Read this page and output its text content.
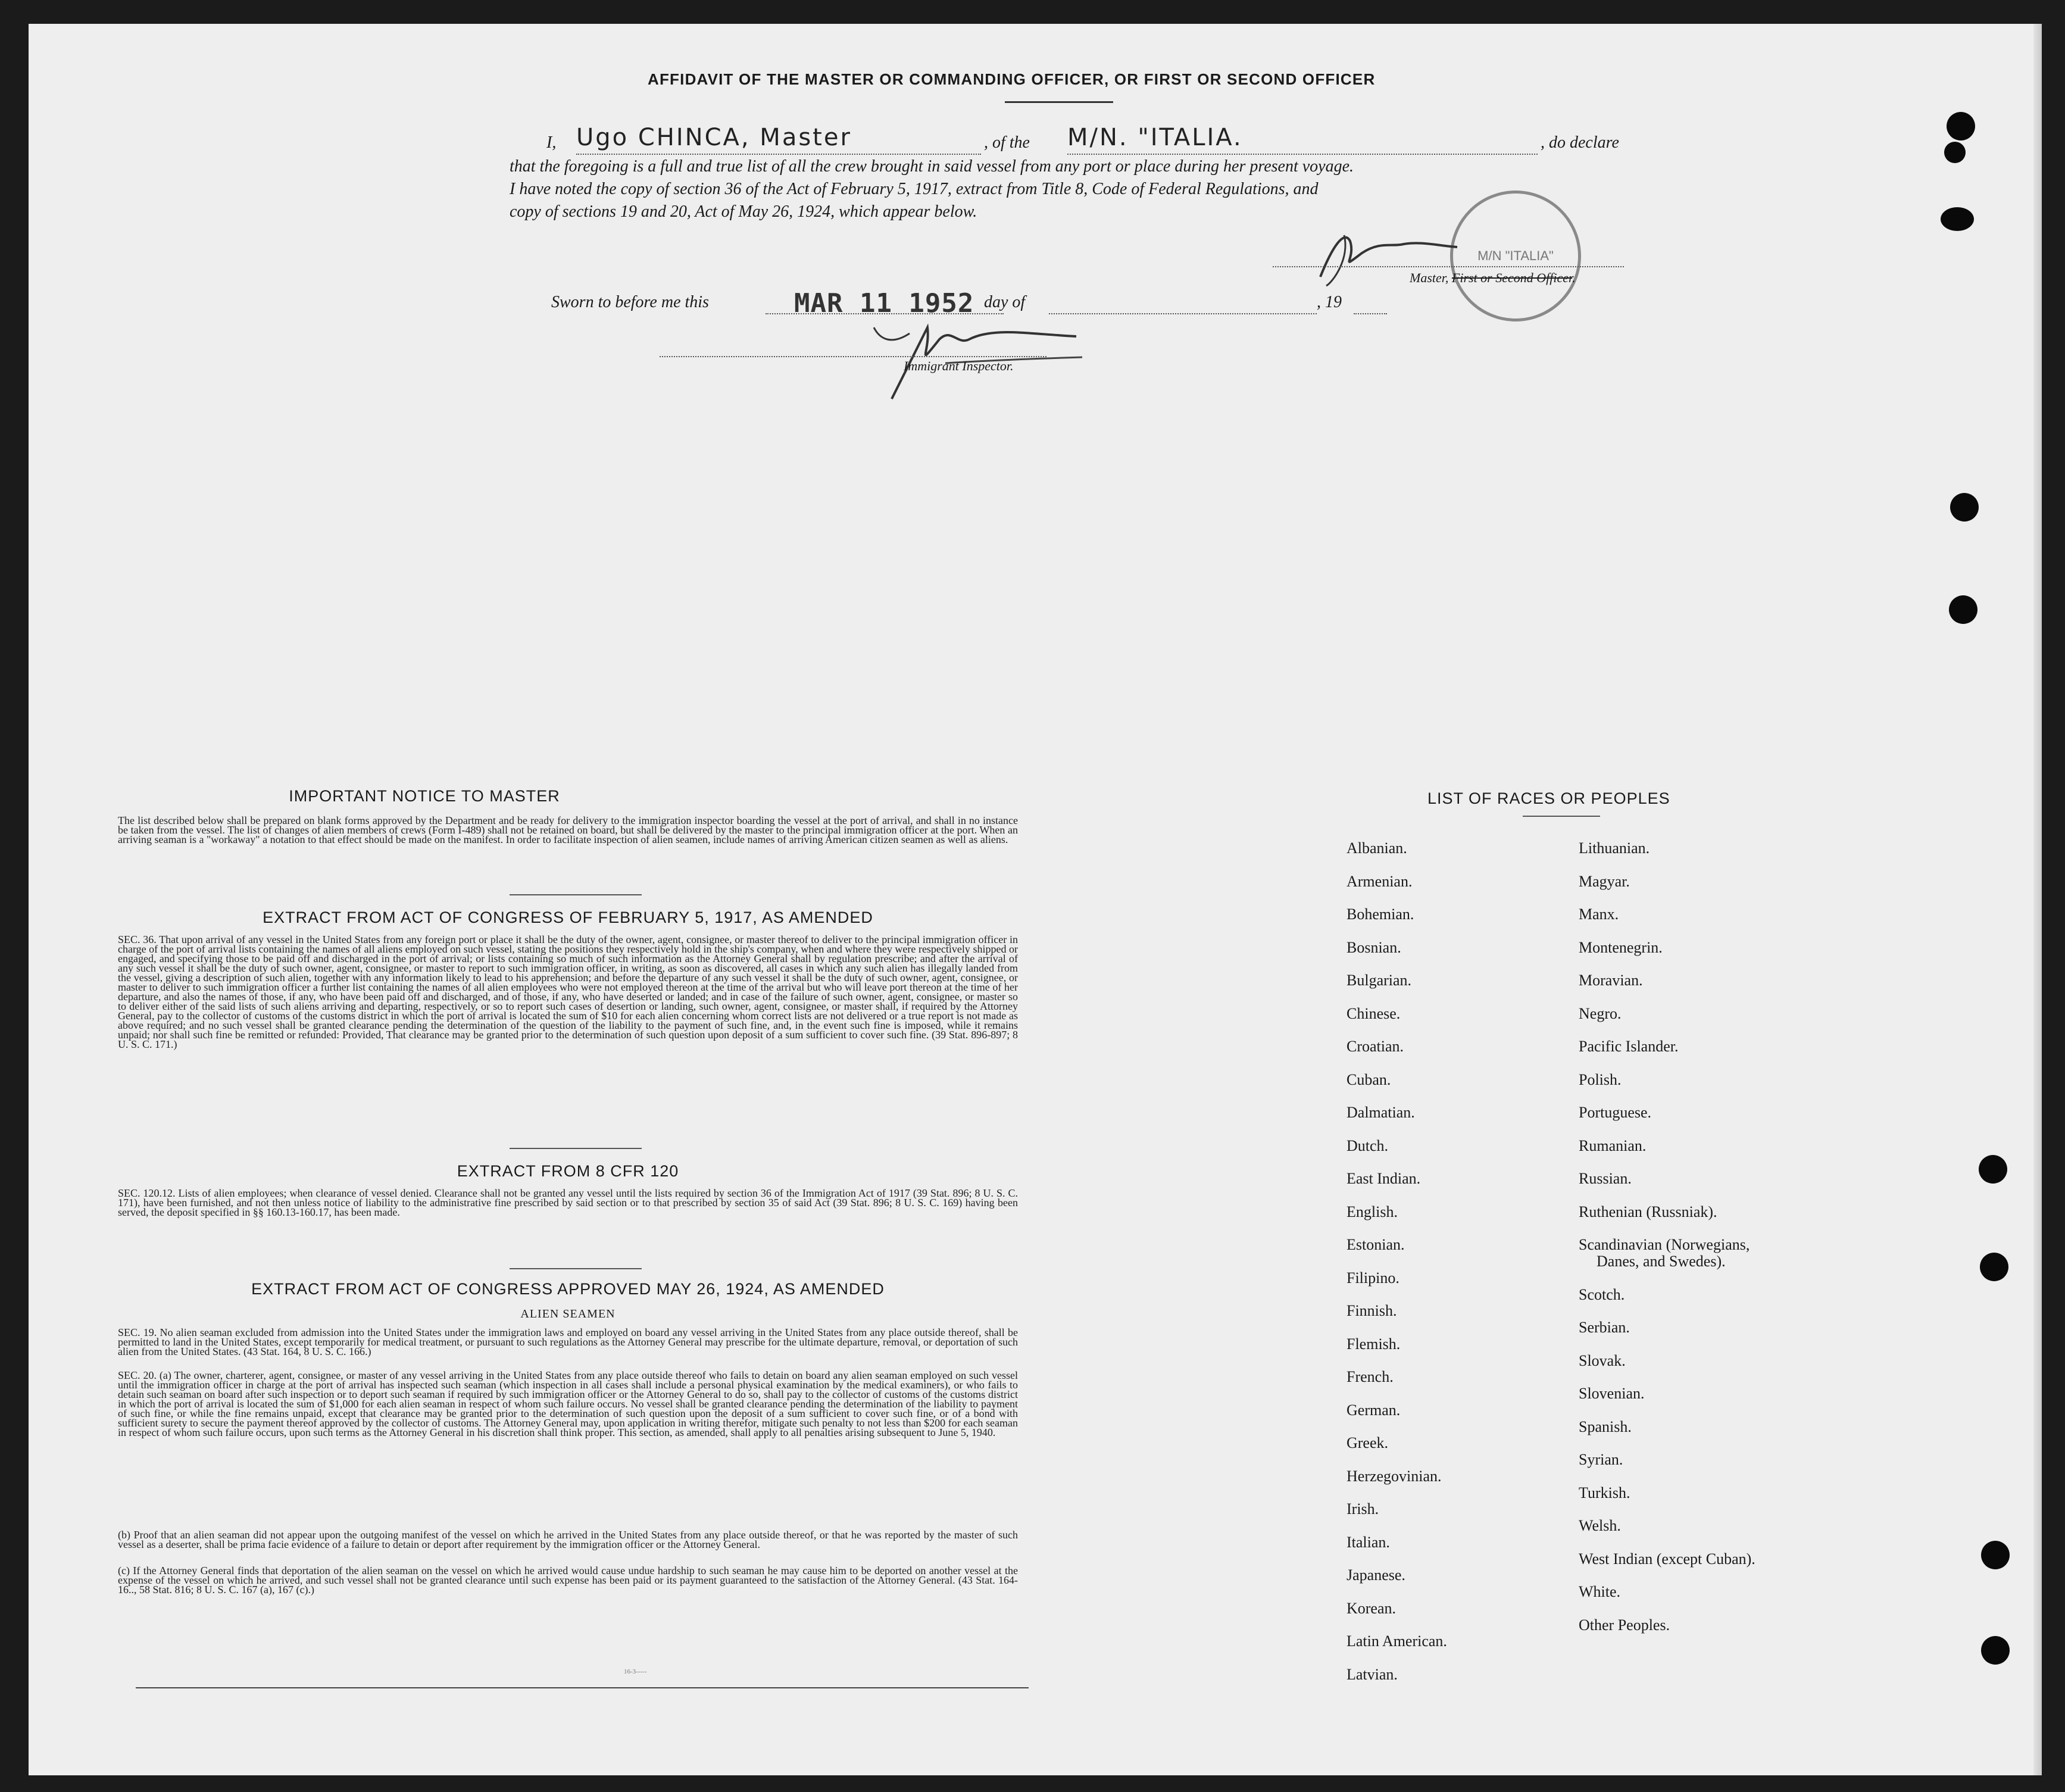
AFFIDAVIT OF THE MASTER OR COMMANDING OFFICER, OR FIRST OR SECOND OFFICER
I, Ugo CHINCA, Master	, of the M/N. "ITALIA.	, do declare
that the foregoing is a full and true list of all the crew brought in said vessel from any port or place during her present voyage.
I have noted the copy of section 36 of the Act of February 5, 1917, extract from Title 8, Code of Federal Regulations, and
copy of sections 19 and 20, Act of May 26, 1924, which appear below.
M/N "ITALIA"
Master, First or Second Officer.
Sworn to before me this	MAR 11 1952 day of	, 19
Immigrant Inspector.
IMPORTANT NOTICE TO MASTER
The list described below shall be prepared on blank forms approved by the Department and be ready for delivery to the immigration inspector boarding the vessel at the port of arrival, and shall in no instance be taken from the vessel. The list of changes of alien members of crews (Form I-489) shall not be retained on board, but shall be delivered by the master to the principal immigration officer at the port. When an arriving seaman is a "workaway" a notation to that effect should be made on the manifest. In order to facilitate inspection of alien seamen, include names of arriving American citizen seamen as well as aliens.
EXTRACT FROM ACT OF CONGRESS OF FEBRUARY 5, 1917, AS AMENDED
SEC. 36. That upon arrival of any vessel in the United States from any foreign port or place it shall be the duty of the owner, agent, consignee, or master thereof to deliver to the principal immigration officer in charge of the port of arrival lists containing the names of all aliens employed on such vessel, stating the positions they respectively hold in the ship's company, when and where they were respectively shipped or engaged, and specifying those to be paid off and discharged in the port of arrival; or lists containing so much of such information as the Attorney General shall by regulation prescribe; and after the arrival of any such vessel it shall be the duty of such owner, agent, consignee, or master to report to such immigration officer, in writing, as soon as discovered, all cases in which any such alien has illegally landed from the vessel, giving a description of such alien, together with any information likely to lead to his apprehension; and before the departure of any such vessel it shall be the duty of such owner, agent, consignee, or master to deliver to such immigration officer a further list containing the names of all alien employees who were not employed thereon at the time of the arrival but who will leave port thereon at the time of her departure, and also the names of those, if any, who have been paid off and discharged, and of those, if any, who have deserted or landed; and in case of the failure of such owner, agent, consignee, or master so to deliver either of the said lists of such aliens arriving and departing, respectively, or so to report such cases of desertion or landing, such owner, agent, consignee, or master shall, if required by the Attorney General, pay to the collector of customs of the customs district in which the port of arrival is located the sum of $10 for each alien concerning whom correct lists are not delivered or a true report is not made as above required; and no such vessel shall be granted clearance pending the determination of the question of the liability to the payment of such fine, and, in the event such fine is imposed, while it remains unpaid; nor shall such fine be remitted or refunded: Provided, That clearance may be granted prior to the determination of such question upon deposit of a sum sufficient to cover such fine. (39 Stat. 896-897; 8 U. S. C. 171.)
EXTRACT FROM 8 CFR 120
SEC. 120.12. Lists of alien employees; when clearance of vessel denied. Clearance shall not be granted any vessel until the lists required by section 36 of the Immigration Act of 1917 (39 Stat. 896; 8 U. S. C. 171), have been furnished, and not then unless notice of liability to the administrative fine prescribed by said section or to that prescribed by section 35 of said Act (39 Stat. 896; 8 U. S. C. 169) having been served, the deposit specified in §§ 160.13-160.17, has been made.
EXTRACT FROM ACT OF CONGRESS APPROVED MAY 26, 1924, AS AMENDED
ALIEN SEAMEN
SEC. 19. No alien seaman excluded from admission into the United States under the immigration laws and employed on board any vessel arriving in the United States from any place outside thereof, shall be permitted to land in the United States, except temporarily for medical treatment, or pursuant to such regulations as the Attorney General may prescribe for the ultimate departure, removal, or deportation of such alien from the United States. (43 Stat. 164, 8 U. S. C. 166.)
SEC. 20. (a) The owner, charterer, agent, consignee, or master of any vessel arriving in the United States from any place outside thereof who fails to detain on board any alien seaman employed on such vessel until the immigration officer in charge at the port of arrival has inspected such seaman (which inspection in all cases shall include a personal physical examination by the medical examiners), or who fails to detain such seaman on board after such inspection or to deport such seaman if required by such immigration officer or the Attorney General to do so, shall pay to the collector of customs of the customs district in which the port of arrival is located the sum of $1,000 for each alien seaman in respect of whom such failure occurs. No vessel shall be granted clearance pending the determination of the liability to payment of such fine, or while the fine remains unpaid, except that clearance may be granted prior to the determination of such question upon the deposit of a sum sufficient to cover such fine, or of a bond with sufficient surety to secure the payment thereof approved by the collector of customs. The Attorney General may, upon application in writing therefor, mitigate such penalty to not less than $200 for each seaman in respect of whom such failure occurs, upon such terms as the Attorney General in his discretion shall think proper. This section, as amended, shall apply to all penalties arising subsequent to June 5, 1940.
(b) Proof that an alien seaman did not appear upon the outgoing manifest of the vessel on which he arrived in the United States from any place outside thereof, or that he was reported by the master of such vessel as a deserter, shall be prima facie evidence of a failure to detain or deport after requirement by the immigration officer or the Attorney General.
(c) If the Attorney General finds that deportation of the alien seaman on the vessel on which he arrived would cause undue hardship to such seaman he may cause him to be deported on another vessel at the expense of the vessel on which he arrived, and such vessel shall not be granted clearance until such expense has been paid or its payment guaranteed to the satisfaction of the Attorney General. (43 Stat. 164-16.., 58 Stat. 816; 8 U. S. C. 167 (a), 167 (c).)
16-3-----
LIST OF RACES OR PEOPLES
Albanian.
Armenian.
Bohemian.
Bosnian.
Bulgarian.
Chinese.
Croatian.
Cuban.
Dalmatian.
Dutch.
East Indian.
English.
Estonian.
Filipino.
Finnish.
Flemish.
French.
German.
Greek.
Herzegovinian.
Irish.
Italian.
Japanese.
Korean.
Latin American.
Latvian.
Lithuanian.
Magyar.
Manx.
Montenegrin.
Moravian.
Negro.
Pacific Islander.
Polish.
Portuguese.
Rumanian.
Russian.
Ruthenian (Russniak).
Scandinavian (Norwegians,
Danes, and Swedes).
Scotch.
Serbian.
Slovak.
Slovenian.
Spanish.
Syrian.
Turkish.
Welsh.
West Indian (except Cuban).
White.
Other Peoples.
